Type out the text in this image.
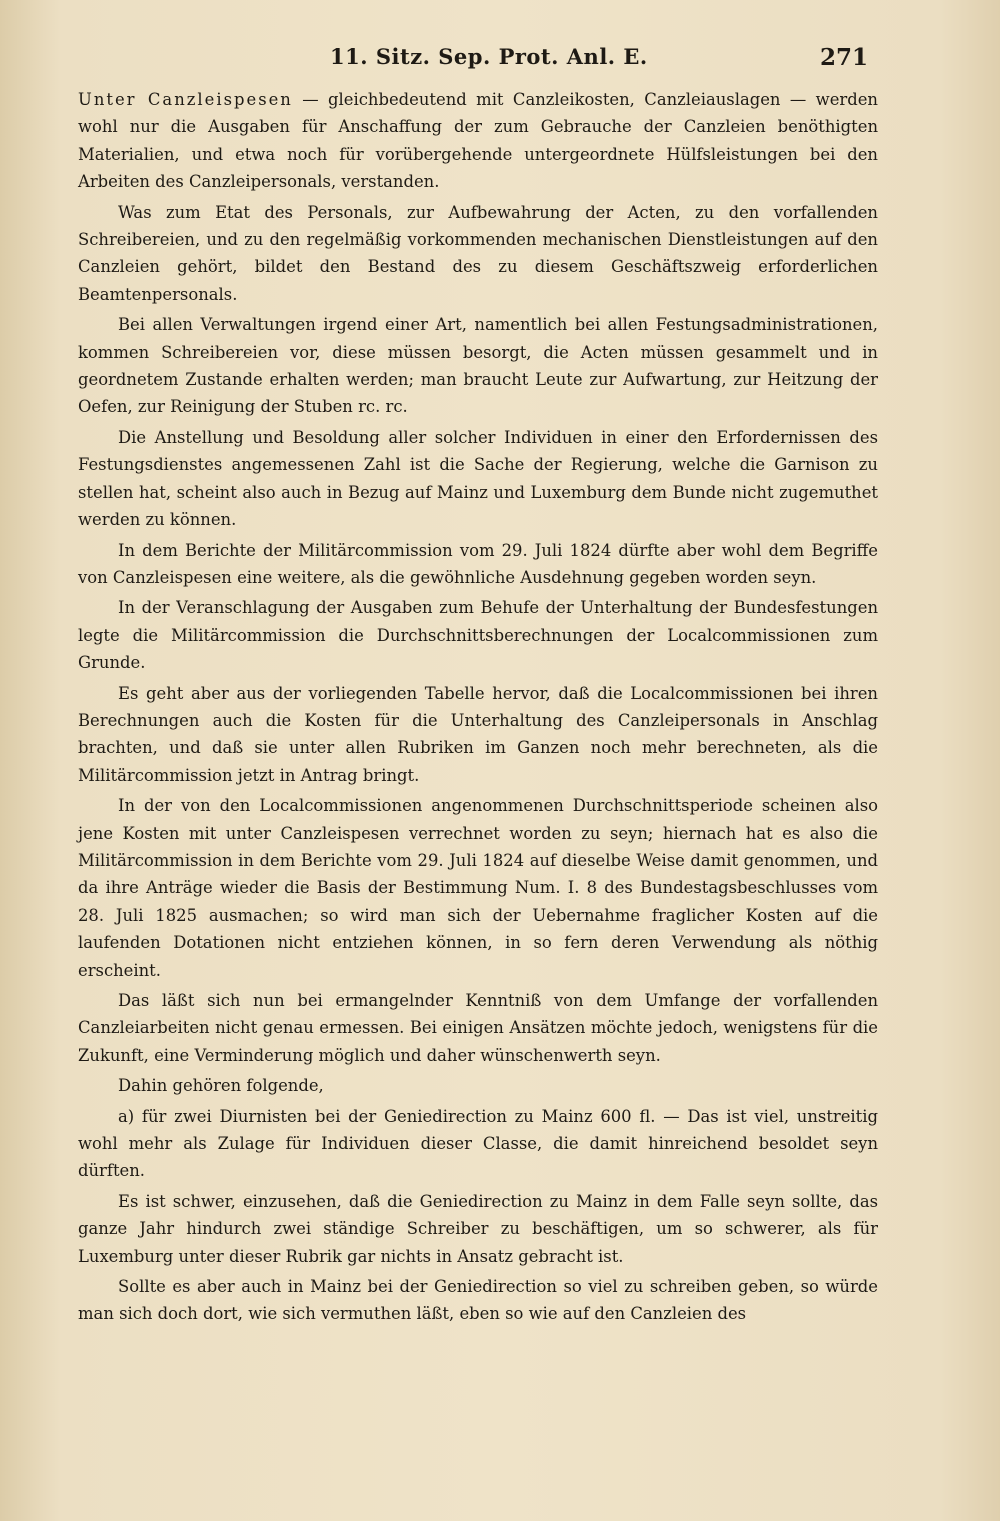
11. Sitz. Sep. Prot. Anl. E.	271

Unter Canzleispesen — gleichbedeutend mit Canzleikosten, Canzleiauslagen — werden wohl nur die Ausgaben für Anschaffung der zum Gebrauche der Canzleien benöthigten Materialien, und etwa noch für vorübergehende untergeordnete Hülfsleistungen bei den Arbeiten des Canzleipersonals, verstanden.

Was zum Etat des Personals, zur Aufbewahrung der Acten, zu den vorfallenden Schreibereien, und zu den regelmäßig vorkommenden mechanischen Dienstleistungen auf den Canzleien gehört, bildet den Bestand des zu diesem Geschäftszweig erforderlichen Beamtenpersonals.

Bei allen Verwaltungen irgend einer Art, namentlich bei allen Festungsadministrationen, kommen Schreibereien vor, diese müssen besorgt, die Acten müssen gesammelt und in geordnetem Zustande erhalten werden; man braucht Leute zur Aufwartung, zur Heitzung der Oefen, zur Reinigung der Stuben rc. rc.

Die Anstellung und Besoldung aller solcher Individuen in einer den Erfordernissen des Festungsdienstes angemessenen Zahl ist die Sache der Regierung, welche die Garnison zu stellen hat, scheint also auch in Bezug auf Mainz und Luxemburg dem Bunde nicht zugemuthet werden zu können.

In dem Berichte der Militärcommission vom 29. Juli 1824 dürfte aber wohl dem Begriffe von Canzleispesen eine weitere, als die gewöhnliche Ausdehnung gegeben worden seyn.

In der Veranschlagung der Ausgaben zum Behufe der Unterhaltung der Bundesfestungen legte die Militärcommission die Durchschnittsberechnungen der Localcommissionen zum Grunde.

Es geht aber aus der vorliegenden Tabelle hervor, daß die Localcommissionen bei ihren Berechnungen auch die Kosten für die Unterhaltung des Canzleipersonals in Anschlag brachten, und daß sie unter allen Rubriken im Ganzen noch mehr berechneten, als die Militärcommission jetzt in Antrag bringt.

In der von den Localcommissionen angenommenen Durchschnittsperiode scheinen also jene Kosten mit unter Canzleispesen verrechnet worden zu seyn; hiernach hat es also die Militärcommission in dem Berichte vom 29. Juli 1824 auf dieselbe Weise damit genommen, und da ihre Anträge wieder die Basis der Bestimmung Num. I. 8 des Bundestagsbeschlusses vom 28. Juli 1825 ausmachen; so wird man sich der Uebernahme fraglicher Kosten auf die laufenden Dotationen nicht entziehen können, in so fern deren Verwendung als nöthig erscheint.

Das läßt sich nun bei ermangelnder Kenntniß von dem Umfange der vorfallenden Canzleiarbeiten nicht genau ermessen. Bei einigen Ansätzen möchte jedoch, wenigstens für die Zukunft, eine Verminderung möglich und daher wünschenwerth seyn.

Dahin gehören folgende,

a) für zwei Diurnisten bei der Geniedirection zu Mainz 600 fl. — Das ist viel, unstreitig wohl mehr als Zulage für Individuen dieser Classe, die damit hinreichend besoldet seyn dürften.

Es ist schwer, einzusehen, daß die Geniedirection zu Mainz in dem Falle seyn sollte, das ganze Jahr hindurch zwei ständige Schreiber zu beschäftigen, um so schwerer, als für Luxemburg unter dieser Rubrik gar nichts in Ansatz gebracht ist.

Sollte es aber auch in Mainz bei der Geniedirection so viel zu schreiben geben, so würde man sich doch dort, wie sich vermuthen läßt, eben so wie auf den Canzleien des
